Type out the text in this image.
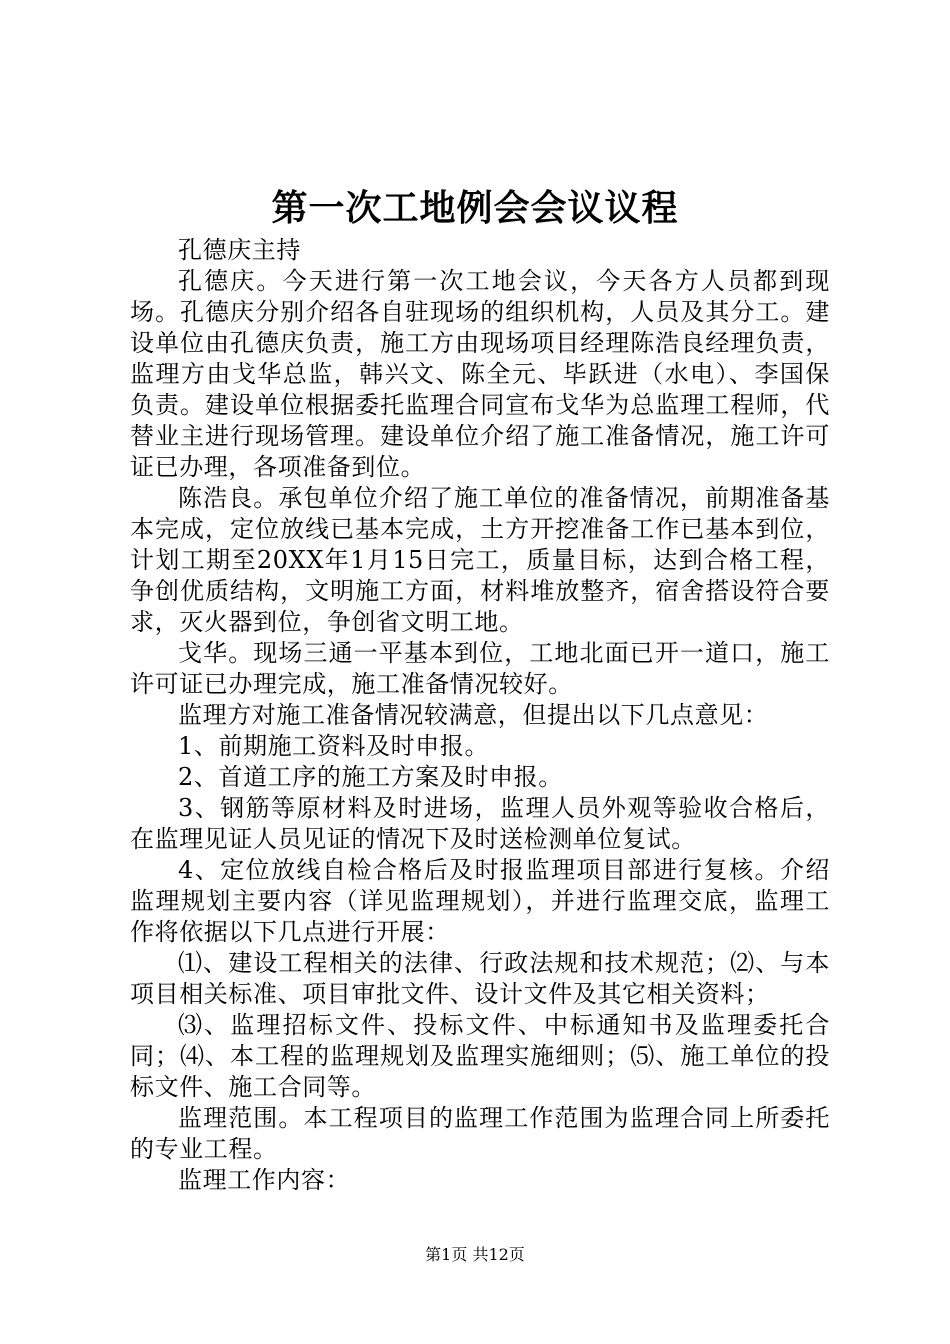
第一次工地例会会议议程

孔德庆主持

孔德庆。今天进行第一次工地会议，今天各方人员都到现场。孔德庆分别介绍各自驻现场的组织机构，人员及其分工。建设单位由孔德庆负责，施工方由现场项目经理陈浩良经理负责，监理方由戈华总监，韩兴文、陈全元、毕跃进（水电）、李国保负责。建设单位根据委托监理合同宣布戈华为总监理工程师，代替业主进行现场管理。建设单位介绍了施工准备情况，施工许可证已办理，各项准备到位。

陈浩良。承包单位介绍了施工单位的准备情况，前期准备基本完成，定位放线已基本完成，土方开挖准备工作已基本到位，计划工期至20XX年1月15日完工，质量目标，达到合格工程，争创优质结构，文明施工方面，材料堆放整齐，宿舍搭设符合要求，灭火器到位，争创省文明工地。

戈华。现场三通一平基本到位，工地北面已开一道口，施工许可证已办理完成，施工准备情况较好。

监理方对施工准备情况较满意，但提出以下几点意见：

1、前期施工资料及时申报。

2、首道工序的施工方案及时申报。

3、钢筋等原材料及时进场，监理人员外观等验收合格后，在监理见证人员见证的情况下及时送检测单位复试。

4、定位放线自检合格后及时报监理项目部进行复核。介绍监理规划主要内容（详见监理规划），并进行监理交底，监理工作将依据以下几点进行开展：

⑴、建设工程相关的法律、行政法规和技术规范；⑵、与本项目相关标准、项目审批文件、设计文件及其它相关资料；

⑶、监理招标文件、投标文件、中标通知书及监理委托合同；⑷、本工程的监理规划及监理实施细则；⑸、施工单位的投标文件、施工合同等。

监理范围。本工程项目的监理工作范围为监理合同上所委托的专业工程。

监理工作内容：

第1页 共12页
